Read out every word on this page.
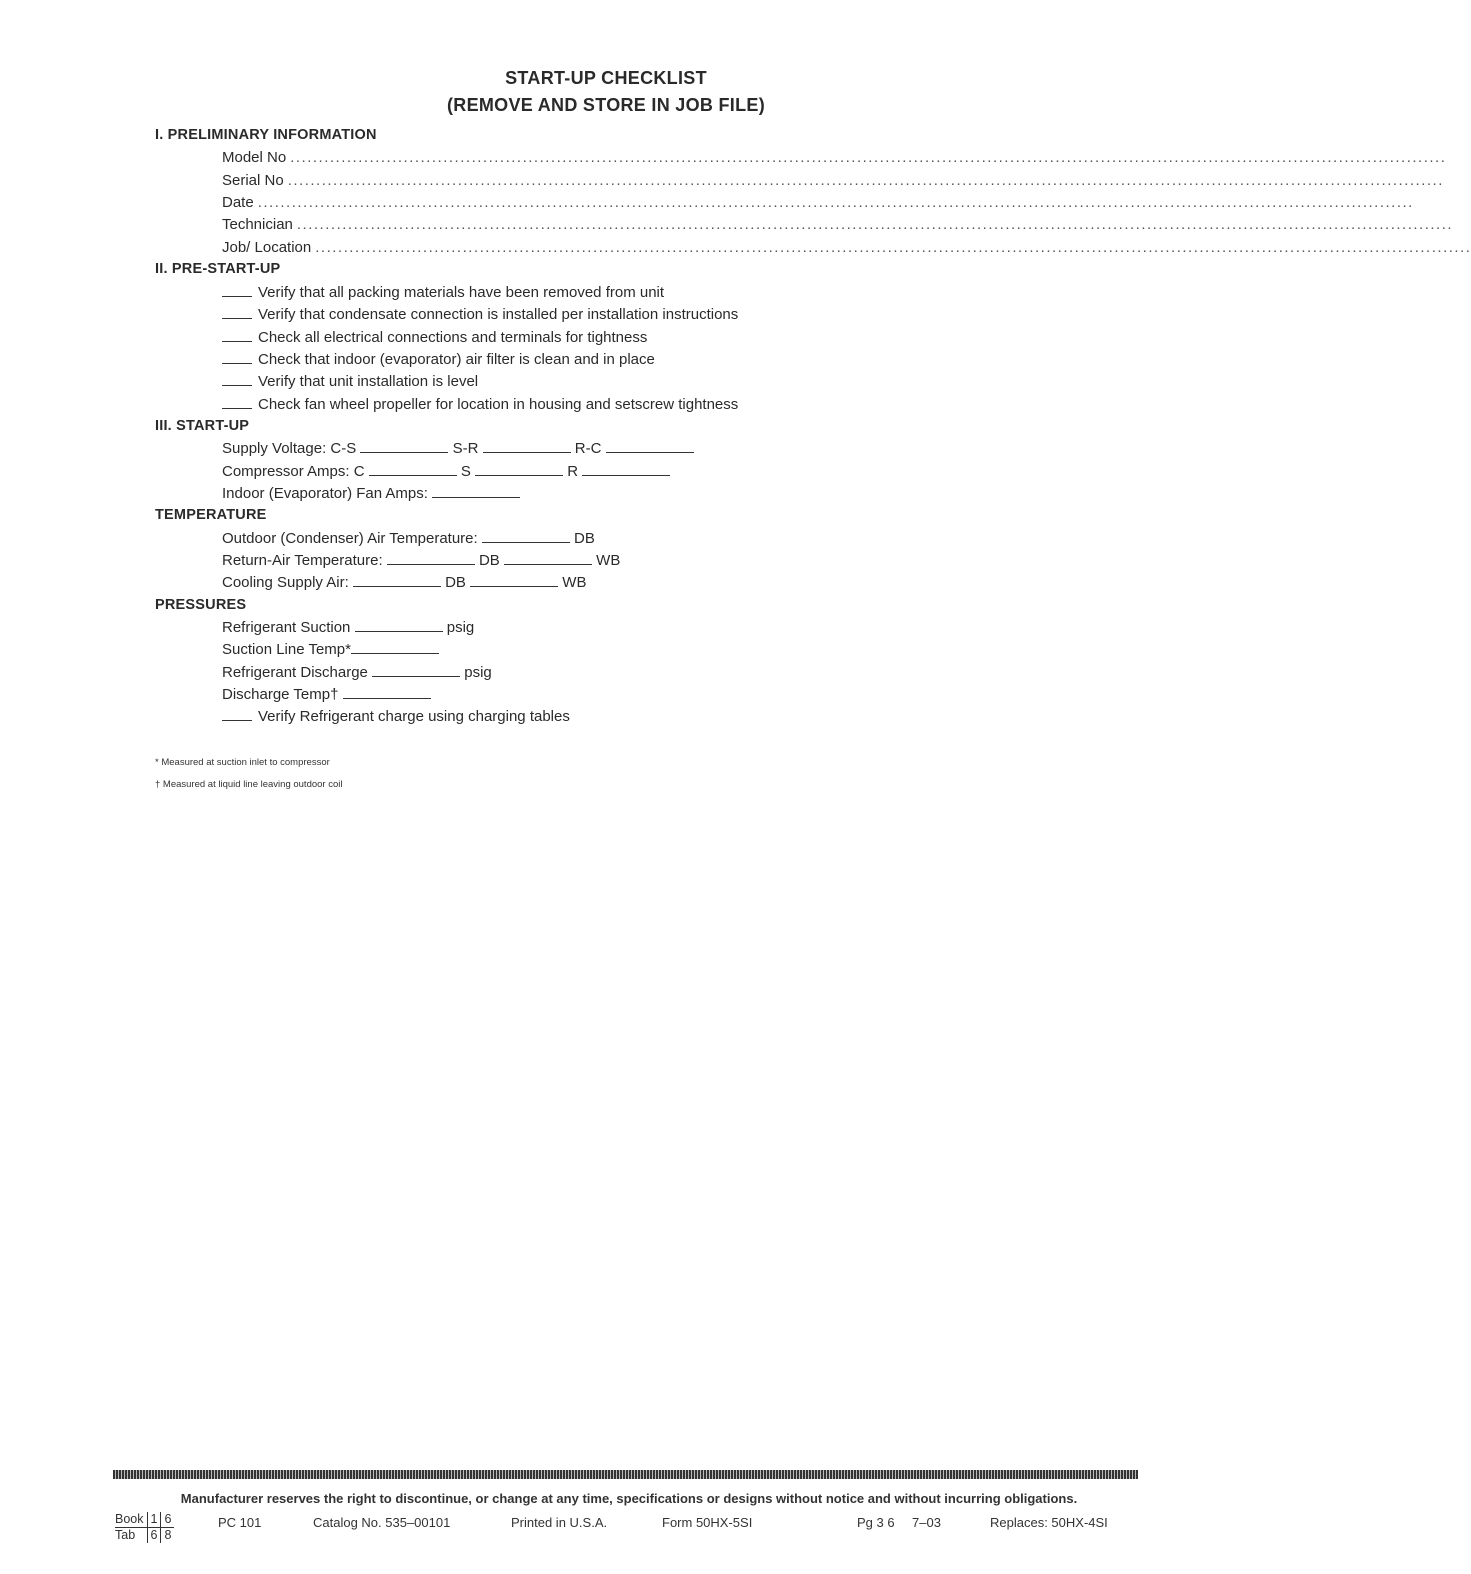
START-UP CHECKLIST
(REMOVE AND STORE IN JOB FILE)
I. PRELIMINARY INFORMATION
Model No ............................................................................................................................................................................................................
Serial No ............................................................................................................................................................................................................
Date ............................................................................................................................................................................................................
Technician ............................................................................................................................................................................................................
Job/ Location ............................................................................................................................................................................................................
II. PRE-START-UP
Verify that all packing materials have been removed from unit
Verify that condensate connection is installed per installation instructions
Check all electrical connections and terminals for tightness
Check that indoor (evaporator) air filter is clean and in place
Verify that unit installation is level
Check fan wheel propeller for location in housing and setscrew tightness
III. START-UP
Supply Voltage: C-S	S-R	R-C
Compressor Amps: C	S	R
Indoor (Evaporator) Fan Amps:
TEMPERATURE
Outdoor (Condenser) Air Temperature:	DB
Return-Air Temperature:	DB	WB
Cooling Supply Air:	DB	WB
PRESSURES
Refrigerant Suction	psig
Suction Line Temp*
Refrigerant Discharge	psig
Discharge Temp†
Verify Refrigerant charge using charging tables
* Measured at suction inlet to compressor
† Measured at liquid line leaving outdoor coil
Manufacturer reserves the right to discontinue, or change at any time, specifications or designs without notice and without incurring obligations.
Book	1	6
Tab	6	8
PC 101	Catalog No. 535–00101	Printed in U.S.A.	Form 50HX-5SI	Pg 3 6 7–03	Replaces: 50HX-4SI
